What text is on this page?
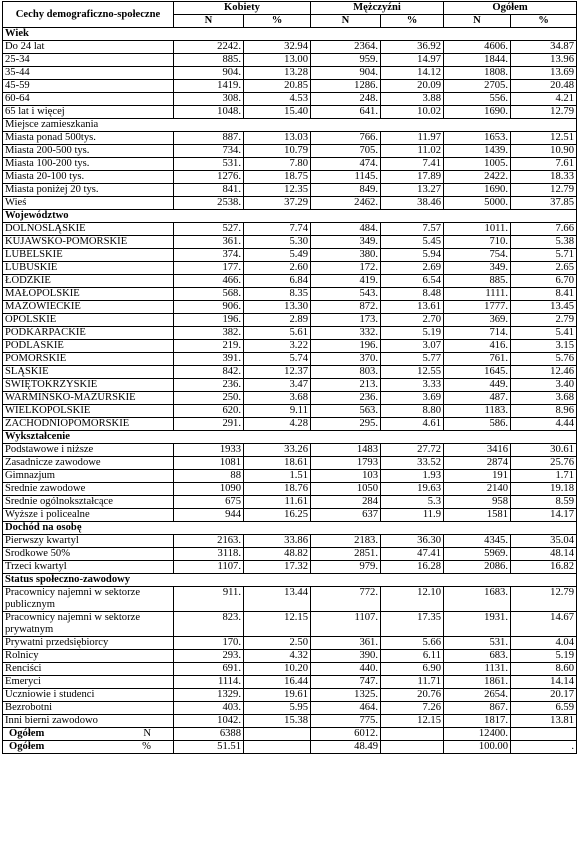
Cechy demograficzno-społeczne	Kobiety		Mężczyźni		Ogółem	
	N	%	N	%	N	%
Wiek						
Do 24 lat	2242.	32.94	2364.	36.92	4606.	34.87
25-34	885.	13.00	959.	14.97	1844.	13.96
35-44	904.	13.28	904.	14.12	1808.	13.69
45-59	1419.	20.85	1286.	20.09	2705.	20.48
60-64	308.	4.53	248.	3.88	556.	4.21
65 lat i więcej	1048.	15.40	641.	10.02	1690.	12.79
Miejsce zamieszkania						
Miasta ponad 500tys.	887.	13.03	766.	11.97	1653.	12.51
Miasta 200-500 tys.	734.	10.79	705.	11.02	1439.	10.90
Miasta 100-200 tys.	531.	7.80	474.	7.41	1005.	7.61
Miasta 20-100 tys.	1276.	18.75	1145.	17.89	2422.	18.33
Miasta poniżej 20 tys.	841.	12.35	849.	13.27	1690.	12.79
Wieś	2538.	37.29	2462.	38.46	5000.	37.85
Województwo						
DOLNOŚLĄSKIE	527.	7.74	484.	7.57	1011.	7.66
KUJAWSKO-POMORSKIE	361.	5.30	349.	5.45	710.	5.38
LUBELSKIE	374.	5.49	380.	5.94	754.	5.71
LUBUSKIE	177.	2.60	172.	2.69	349.	2.65
ŁÓDZKIE	466.	6.84	419.	6.54	885.	6.70
MAŁOPOLSKIE	568.	8.35	543.	8.48	1111.	8.41
MAZOWIECKIE	906.	13.30	872.	13.61	1777.	13.45
OPOLSKIE	196.	2.89	173.	2.70	369.	2.79
PODKARPACKIE	382.	5.61	332.	5.19	714.	5.41
PODLASKIE	219.	3.22	196.	3.07	416.	3.15
POMORSKIE	391.	5.74	370.	5.77	761.	5.76
ŚLĄSKIE	842.	12.37	803.	12.55	1645.	12.46
ŚWIĘTOKRZYSKIE	236.	3.47	213.	3.33	449.	3.40
WARMIŃSKO-MAZURSKIE	250.	3.68	236.	3.69	487.	3.68
WIELKOPOLSKIE	620.	9.11	563.	8.80	1183.	8.96
ZACHODNIOPOMORSKIE	291.	4.28	295.	4.61	586.	4.44
Wykształcenie						
Podstawowe i niższe	1933	33.26	1483	27.72	3416	30.61
Zasadnicze zawodowe	1081	18.61	1793	33.52	2874	25.76
Gimnazjum	88	1.51	103	1.93	191	1.71
Średnie zawodowe	1090	18.76	1050	19.63	2140	19.18
Średnie ogólnokształcące	675	11.61	284	5.3	958	8.59
Wyższe i policealne	944	16.25	637	11.9	1581	14.17
Dochód na osobę						
Pierwszy kwartyl	2163.	33.86	2183.	36.30	4345.	35.04
Środkowe 50%	3118.	48.82	2851.	47.41	5969.	48.14
Trzeci kwartyl	1107.	17.32	979.	16.28	2086.	16.82
Status społeczno-zawodowy						
Pracownicy najemni w sektorze publicznym	911.	13.44	772.	12.10	1683.	12.79
Pracownicy najemni w sektorze prywatnym	823.	12.15	1107.	17.35	1931.	14.67
Prywatni przedsiębiorcy	170.	2.50	361.	5.66	531.	4.04
Rolnicy	293.	4.32	390.	6.11	683.	5.19
Renciści	691.	10.20	440.	6.90	1131.	8.60
Emeryci	1114.	16.44	747.	11.71	1861.	14.14
Uczniowie i studenci	1329.	19.61	1325.	20.76	2654.	20.17
Bezrobotni	403.	5.95	464.	7.26	867.	6.59
Inni bierni zawodowo	1042.	15.38	775.	12.15	1817.	13.81
Ogółem N	6388		6012.		12400.	
Ogółem %	51.51		48.49		100.00	.
